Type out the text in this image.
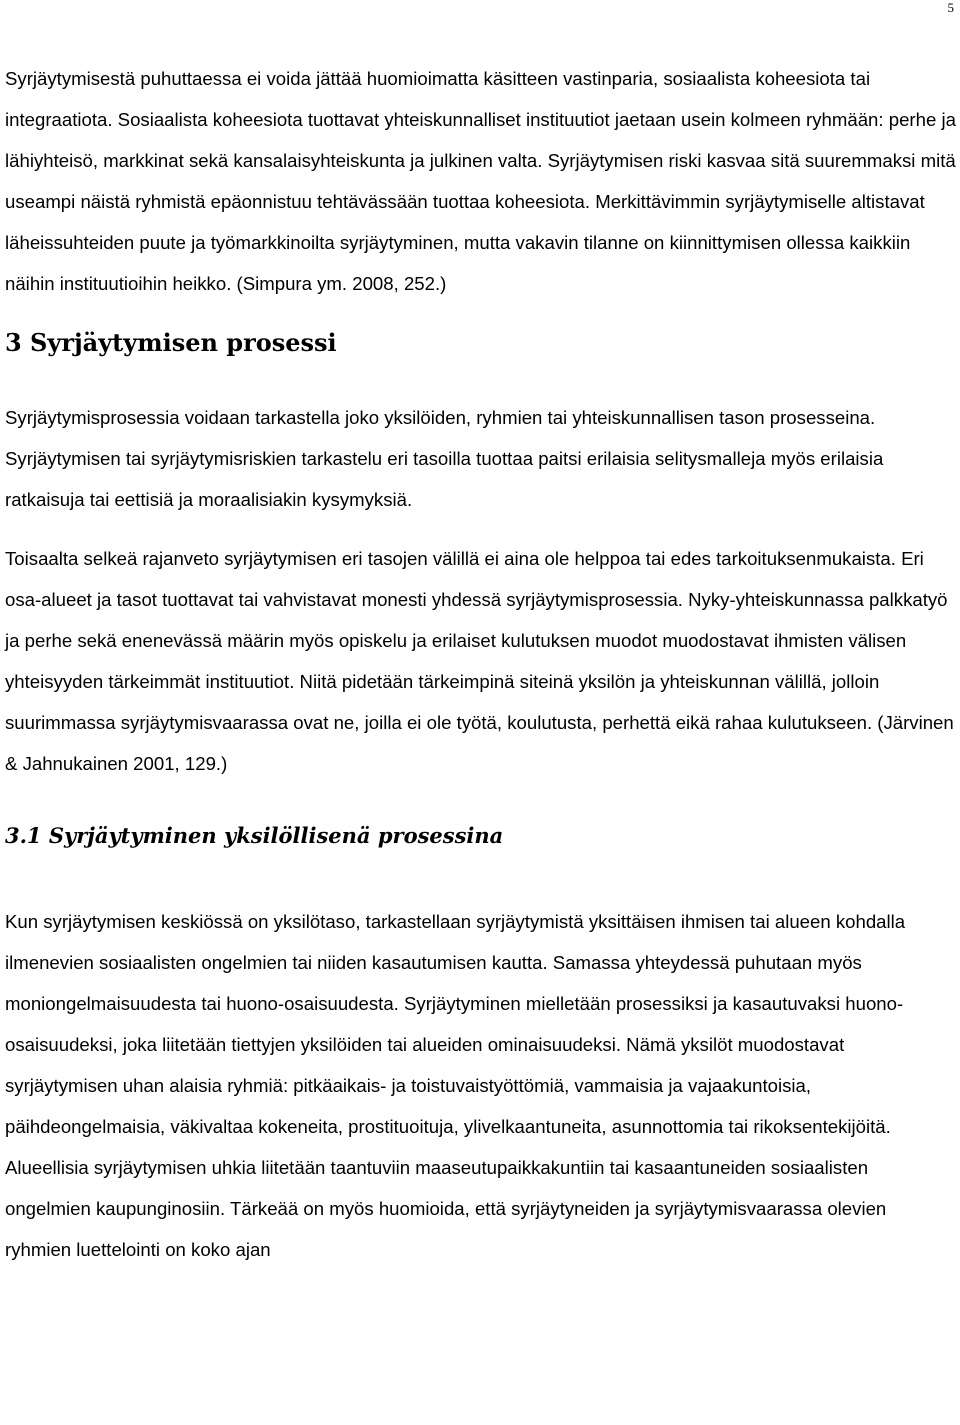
5

Syrjäytymisestä puhuttaessa ei voida jättää huomioimatta käsitteen vastinparia, sosiaalista koheesiota tai integraatiota. Sosiaalista koheesiota tuottavat yhteiskunnalliset instituutiot jaetaan usein kolmeen ryhmään: perhe ja lähiyhteisö, markkinat sekä kansalaisyhteiskunta ja julkinen valta. Syrjäytymisen riski kasvaa sitä suuremmaksi mitä useampi näistä ryhmistä epäonnistuu tehtävässään tuottaa koheesiota. Merkittävimmin syrjäytymiselle altistavat läheissuhteiden puute ja työmarkkinoilta syrjäytyminen, mutta vakavin tilanne on kiinnittymisen ollessa kaikkiin näihin instituutioihin heikko. (Simpura ym. 2008, 252.)

3 Syrjäytymisen prosessi

Syrjäytymisprosessia voidaan tarkastella joko yksilöiden, ryhmien tai yhteiskunnallisen tason prosesseina. Syrjäytymisen tai syrjäytymisriskien tarkastelu eri tasoilla tuottaa paitsi erilaisia selitysmalleja myös erilaisia ratkaisuja tai eettisiä ja moraalisiakin kysymyksiä.

Toisaalta selkeä rajanveto syrjäytymisen eri tasojen välillä ei aina ole helppoa tai edes tarkoituksenmukaista. Eri osa-alueet ja tasot tuottavat tai vahvistavat monesti yhdessä syrjäytymisprosessia. Nyky-yhteiskunnassa palkkatyö ja perhe sekä enenevässä määrin myös opiskelu ja erilaiset kulutuksen muodot muodostavat ihmisten välisen yhteisyyden tärkeimmät instituutiot. Niitä pidetään tärkeimpinä siteinä yksilön ja yhteiskunnan välillä, jolloin suurimmassa syrjäytymisvaarassa ovat ne, joilla ei ole työtä, koulutusta, perhettä eikä rahaa kulutukseen. (Järvinen & Jahnukainen 2001, 129.)

3.1 Syrjäytyminen yksilöllisenä prosessina

Kun syrjäytymisen keskiössä on yksilötaso, tarkastellaan syrjäytymistä yksittäisen ihmisen tai alueen kohdalla ilmenevien sosiaalisten ongelmien tai niiden kasautumisen kautta. Samassa yhteydessä puhutaan myös moniongelmaisuudesta tai huono-osaisuudesta. Syrjäytyminen mielletään prosessiksi ja kasautuvaksi huono-osaisuudeksi, joka liitetään tiettyjen yksilöiden tai alueiden ominaisuudeksi. Nämä yksilöt muodostavat syrjäytymisen uhan alaisia ryhmiä: pitkäaikais- ja toistuvaistyöttömiä, vammaisia ja vajaakuntoisia, päihdeongelmaisia, väkivaltaa kokeneita, prostituoituja, ylivelkaantuneita, asunnottomia tai rikoksentekijöitä. Alueellisia syrjäytymisen uhkia liitetään taantuviin maaseutupaikkakuntiin tai kasaantuneiden sosiaalisten ongelmien kaupunginosiin. Tärkeää on myös huomioida, että syrjäytyneiden ja syrjäytymisvaarassa olevien ryhmien luettelointi on koko ajan
